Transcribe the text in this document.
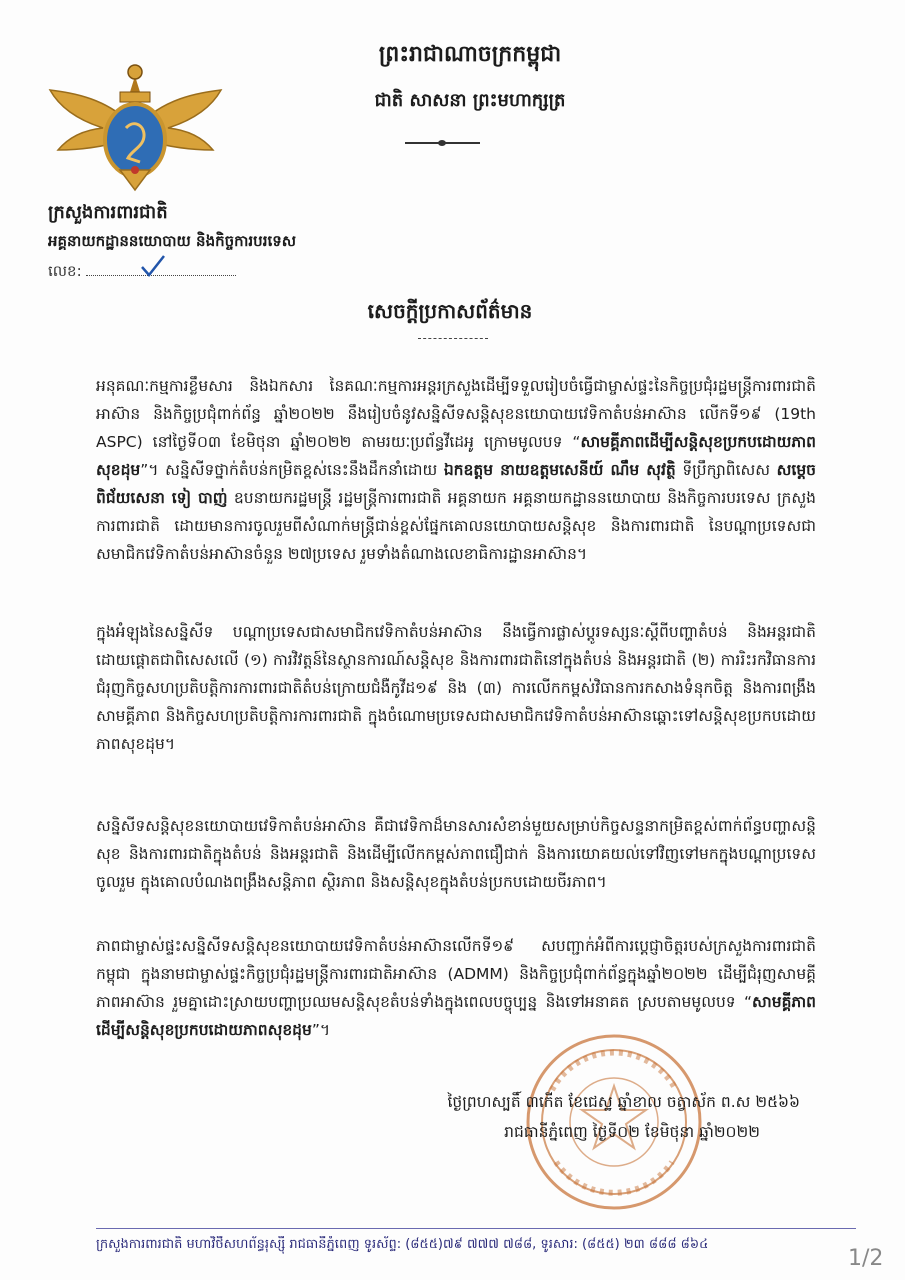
ព្រះរាជាណាចក្រកម្ពុជា
ជាតិ សាសនា ព្រះមហាក្សត្រ
ក្រសួងការពារជាតិ
អគ្គនាយកដ្ឋាននយោបាយ និងកិច្ចការបរទេស
លេខ:
សេចក្តីប្រកាសព័ត៌មាន

អនុគណៈកម្មការខ្លឹមសារ និងឯកសារ នៃគណៈកម្មការអន្តរក្រសួងដើម្បីទទួលរៀបចំធ្វើជាម្ចាស់ផ្ទះនៃកិច្ចប្រជុំរដ្ឋមន្ត្រីការពារជាតិអាស៊ាន និងកិច្ចប្រជុំពាក់ព័ន្ធ ឆ្នាំ២០២២ នឹងរៀបចំនូវសន្និសីទសន្តិសុខនយោបាយវេទិកាតំបន់អាស៊ាន លើកទី១៩ (19th ASPC) នៅថ្ងៃទី០៣ ខែមិថុនា ឆ្នាំ២០២២ តាមរយៈប្រព័ន្ធវីដេអូ ក្រោមមូលបទ “សាមគ្គីភាពដើម្បីសន្តិសុខប្រកបដោយភាពសុខដុម”។ សន្និសីទថ្នាក់តំបន់កម្រិតខ្ពស់នេះនឹងដឹកនាំដោយ ឯកឧត្តម នាយឧត្តមសេនីយ៍ ណឹម សុវត្ថិ ទីប្រឹក្សាពិសេស សម្តេចពិជ័យសេនា ទៀ បាញ់ ឧបនាយករដ្ឋមន្ត្រី រដ្ឋមន្ត្រីការពារជាតិ អគ្គនាយក អគ្គនាយកដ្ឋាននយោបាយ និងកិច្ចការបរទេស ក្រសួងការពារជាតិ ដោយមានការចូលរួមពីសំណាក់មន្ត្រីជាន់ខ្ពស់ផ្នែកគោលនយោបាយសន្តិសុខ និងការពារជាតិ នៃបណ្តាប្រទេសជាសមាជិកវេទិកាតំបន់អាស៊ានចំនួន ២៧ប្រទេស រួមទាំងតំណាងលេខាធិការដ្ឋានអាស៊ាន។

ក្នុងអំឡុងនៃសន្និសីទ បណ្តាប្រទេសជាសមាជិកវេទិកាតំបន់អាស៊ាន នឹងធ្វើការផ្លាស់ប្តូរទស្សនៈស្តីពីបញ្ហាតំបន់ និងអន្តរជាតិ ដោយផ្តោតជាពិសេសលើ (១) ការវិវត្តន៍នៃស្ថានការណ៍សន្តិសុខ និងការពារជាតិនៅក្នុងតំបន់ និងអន្តរជាតិ (២) ការរិះរកវិធានការជំរុញកិច្ចសហប្រតិបត្តិការការពារជាតិតំបន់ក្រោយជំងឺកូវីដ១៩ និង (៣) ការលើកកម្ពស់វិធានការកសាងទំនុកចិត្ត និងការពង្រឹងសាមគ្គីភាព និងកិច្ចសហប្រតិបត្តិការការពារជាតិ ក្នុងចំណោមប្រទេសជាសមាជិកវេទិកាតំបន់អាស៊ានឆ្ពោះទៅសន្តិសុខប្រកបដោយភាពសុខដុម។

សន្និសីទសន្តិសុខនយោបាយវេទិកាតំបន់អាស៊ាន គឺជាវេទិកាដ៏មានសារសំខាន់មួយសម្រាប់កិច្ចសន្ទនាកម្រិតខ្ពស់ពាក់ព័ន្ធបញ្ហាសន្តិសុខ និងការពារជាតិក្នុងតំបន់ និងអន្តរជាតិ និងដើម្បីលើកកម្ពស់ភាពជឿជាក់ និងការយោគយល់ទៅវិញទៅមកក្នុងបណ្តាប្រទេសចូលរួម ក្នុងគោលបំណងពង្រឹងសន្តិភាព ស្ថិរភាព និងសន្តិសុខក្នុងតំបន់ប្រកបដោយចីរភាព។

ភាពជាម្ចាស់ផ្ទះសន្និសីទសន្តិសុខនយោបាយវេទិកាតំបន់អាស៊ានលើកទី១៩ សបញ្ជាក់អំពីការប្តេជ្ញាចិត្តរបស់ក្រសួងការពារជាតិកម្ពុជា ក្នុងនាមជាម្ចាស់ផ្ទះកិច្ចប្រជុំរដ្ឋមន្ត្រីការពារជាតិអាស៊ាន (ADMM) និងកិច្ចប្រជុំពាក់ព័ន្ធក្នុងឆ្នាំ២០២២ ដើម្បីជំរុញសាមគ្គីភាពអាស៊ាន រួមគ្នាដោះស្រាយបញ្ហាប្រឈមសន្តិសុខតំបន់ទាំងក្នុងពេលបច្ចុប្បន្ន និងទៅអនាគត ស្របតាមមូលបទ “សាមគ្គីភាពដើម្បីសន្តិសុខប្រកបដោយភាពសុខដុម”។

ថ្ងៃព្រហស្បតិ៍ ៣កើត ខែជេស្ឋ ឆ្នាំខាល ចត្វាស័ក ព.ស ២៥៦៦
រាជធានីភ្នំពេញ ថ្ងៃទី០២ ខែមិថុនា ឆ្នាំ២០២២
ក្រសួងការពារជាតិ មហាវិថីសហព័ន្ធរុស្ស៊ី រាជធានីភ្នំពេញ ទូរស័ព្ទ: (៨៥៥)៧៩ ៧៧៧ ៧៨៨, ទូរសារ: (៨៥៥) ២៣ ៨៨៨ ៨៦៤
1/2
